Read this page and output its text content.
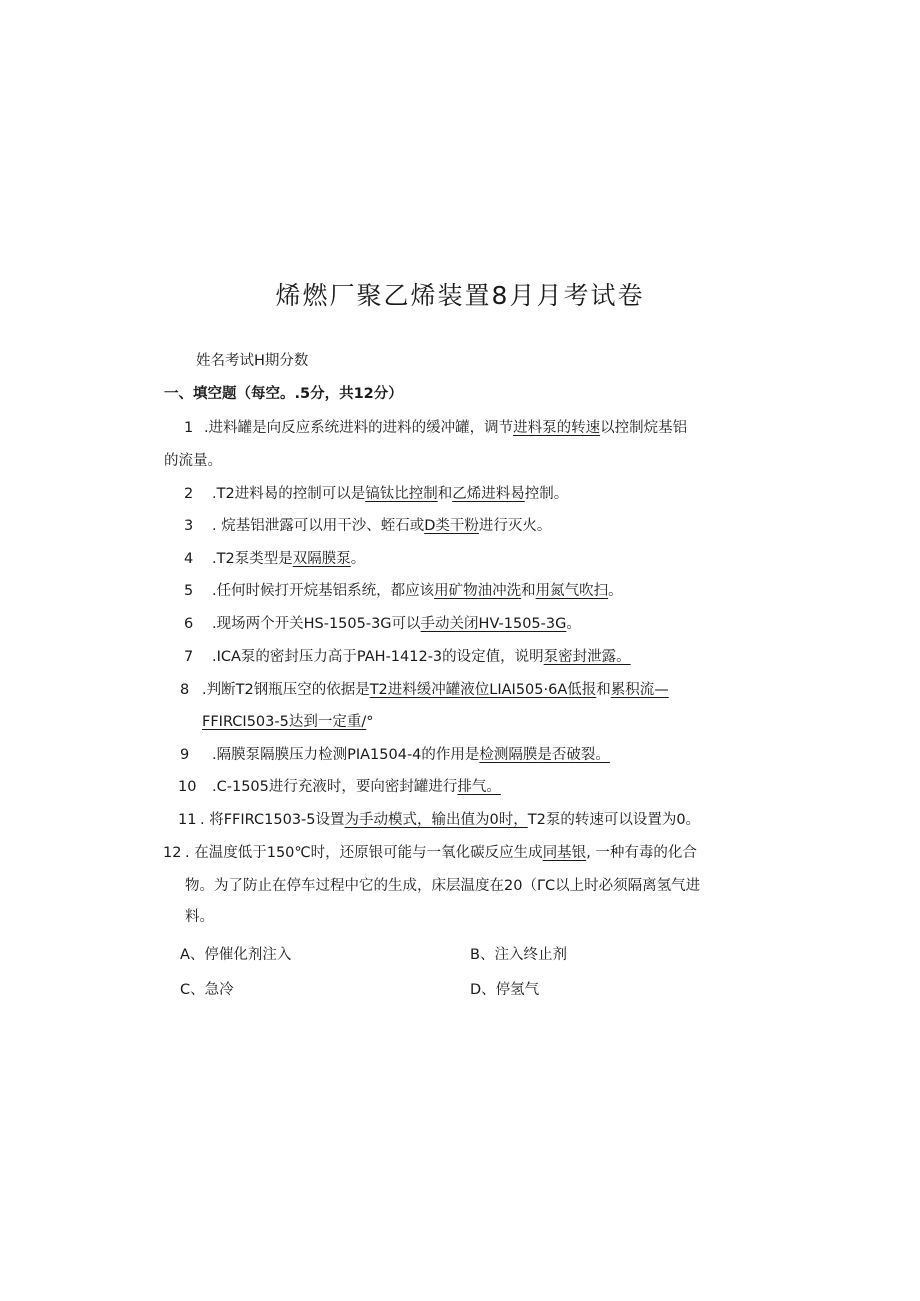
烯燃厂聚乙烯装置8月月考试卷
姓名考试H期分数
一、填空题（每空。.5分，共12分）
1 .进料罐是向反应系统进料的进料的缓冲罐，调节进料泵的转速以控制烷基铝
的流量。
2 .T2进料曷的控制可以是镐钛比控制和乙烯进料曷控制。
3 . 烷基铝泄露可以用干沙、蛭石或D类干粉进行灭火。
4 .T2泵类型是双隔膜泵。
5 .任何时候打开烷基铝系统，都应该用矿物油冲洗和用氮气吹扫。
6 .现场两个开关HS-1505-3G可以手动关闭HV-1505-3G。
7 .ICA泵的密封压力高于PAH-1412-3的设定值，说明泵密封泄露。
8 .判断T2钢瓶压空的依据是T2进料缓冲罐液位LIAI505·6A低报和累积流—
FFIRCI503-5达到一定重/°
9 .隔膜泵隔膜压力检测PIA1504-4的作用是检测隔膜是否破裂。
10 .C-1505进行充液时，要向密封罐进行排气。
11 . 将FFIRC1503-5设置为手动模式，输出值为0时，T2泵的转速可以设置为0。
12 . 在温度低于150℃时，还原银可能与一氧化碳反应生成同基银, 一种有毒的化合
物。为了防止在停车过程中它的生成，床层温度在20（ΓC以上时必须隔离氢气进
料。
A、停催化剂注入	B、注入终止剂
C、急冷	D、停氢气
